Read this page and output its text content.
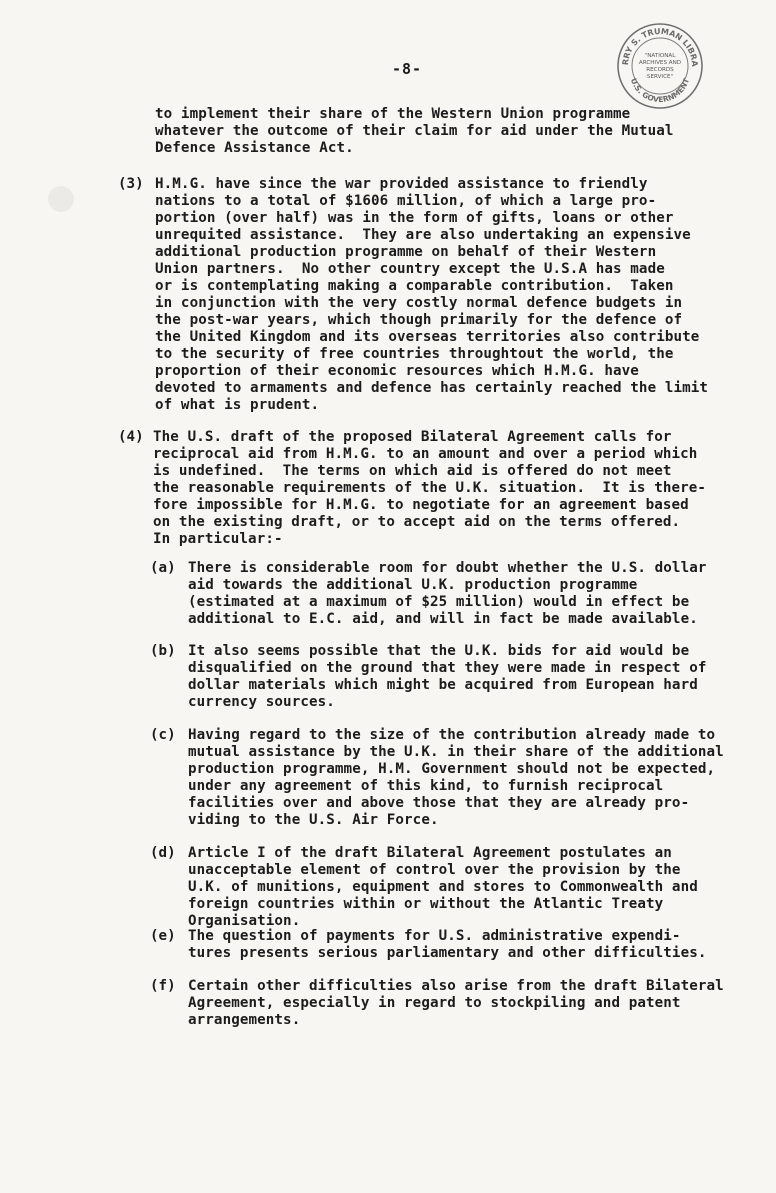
RRY S. TRUMAN LIBRA
U.S. GOVERNMENT
"NATIONAL
ARCHIVES AND
RECORDS
SERVICE"
-8-
to implement their share of the Western Union programme
whatever the outcome of their claim for aid under the Mutual
Defence Assistance Act.
(3) H.M.G. have since the war provided assistance to friendly
nations to a total of $1606 million, of which a large pro-
portion (over half) was in the form of gifts, loans or other
unrequited assistance.  They are also undertaking an expensive
additional production programme on behalf of their Western
Union partners.  No other country except the U.S.A has made
or is contemplating making a comparable contribution.  Taken
in conjunction with the very costly normal defence budgets in
the post-war years, which though primarily for the defence of
the United Kingdom and its overseas territories also contribute
to the security of free countries throughtout the world, the
proportion of their economic resources which H.M.G. have
devoted to armaments and defence has certainly reached the limit
of what is prudent.
(4) The U.S. draft of the proposed Bilateral Agreement calls for
reciprocal aid from H.M.G. to an amount and over a period which
is undefined.  The terms on which aid is offered do not meet
the reasonable requirements of the U.K. situation.  It is there-
fore impossible for H.M.G. to negotiate for an agreement based
on the existing draft, or to accept aid on the terms offered.
In particular:-
(a) There is considerable room for doubt whether the U.S. dollar
aid towards the additional U.K. production programme
(estimated at a maximum of $25 million) would in effect be
additional to E.C. aid, and will in fact be made available.
(b) It also seems possible that the U.K. bids for aid would be
disqualified on the ground that they were made in respect of
dollar materials which might be acquired from European hard
currency sources.
(c) Having regard to the size of the contribution already made to
mutual assistance by the U.K. in their share of the additional
production programme, H.M. Government should not be expected,
under any agreement of this kind, to furnish reciprocal
facilities over and above those that they are already pro-
viding to the U.S. Air Force.
(d) Article I of the draft Bilateral Agreement postulates an
unacceptable element of control over the provision by the
U.K. of munitions, equipment and stores to Commonwealth and
foreign countries within or without the Atlantic Treaty
Organisation.
(e) The question of payments for U.S. administrative expendi-
tures presents serious parliamentary and other difficulties.
(f) Certain other difficulties also arise from the draft Bilateral
Agreement, especially in regard to stockpiling and patent
arrangements.
